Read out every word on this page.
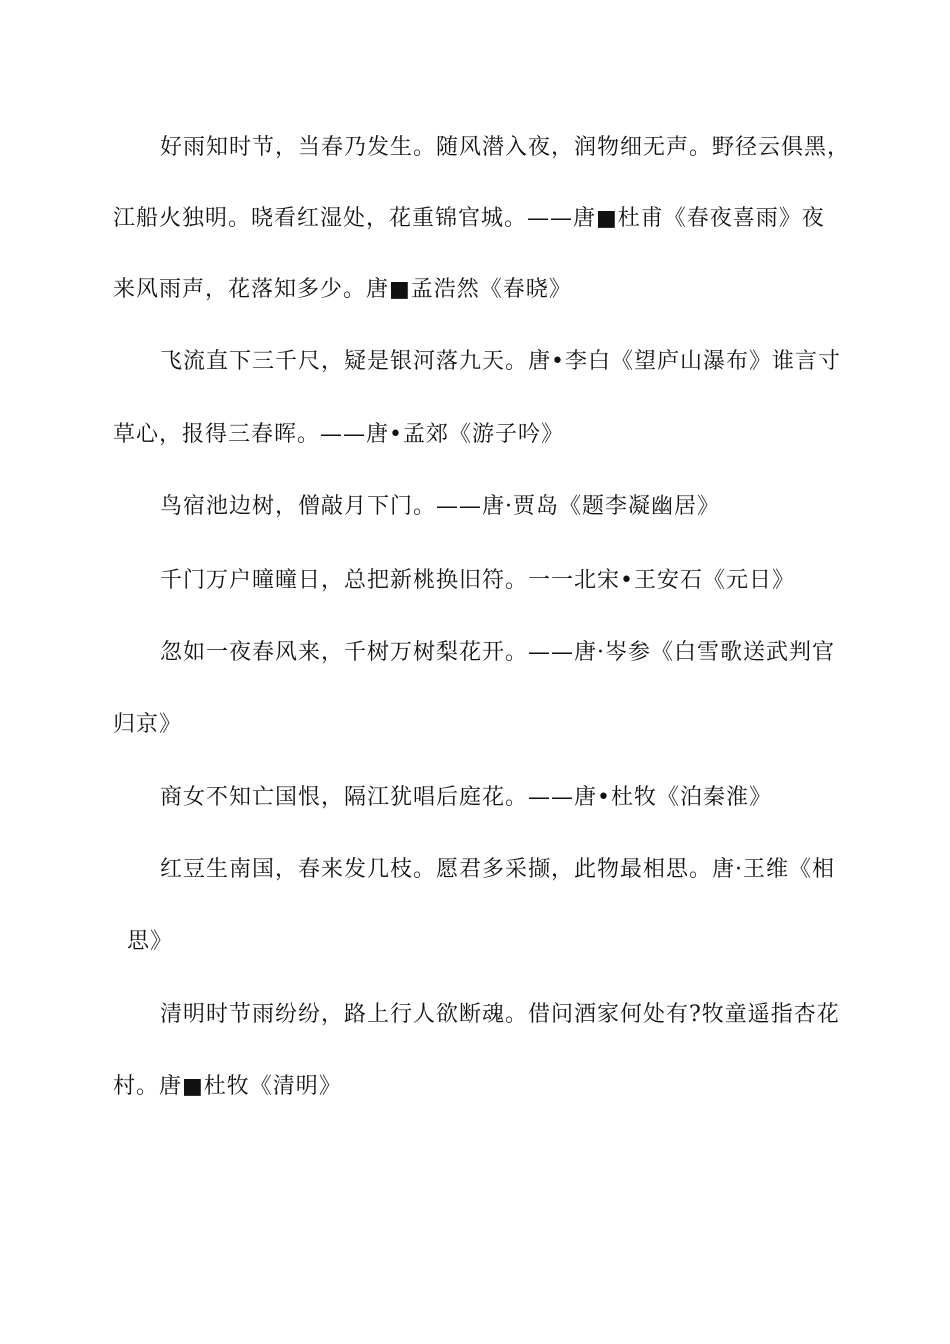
好雨知时节，当春乃发生。随风潜入夜，润物细无声。野径云俱黑，
江船火独明。晓看红湿处，花重锦官城。——唐■杜甫《春夜喜雨》夜
来风雨声，花落知多少。唐■孟浩然《春晓》
飞流直下三千尺，疑是银河落九天。唐•李白《望庐山瀑布》谁言寸
草心，报得三春晖。——唐•孟郊《游子吟》
鸟宿池边树，僧敲月下门。——唐·贾岛《题李凝幽居》
千门万户曈曈日，总把新桃换旧符。一一北宋•王安石《元日》
忽如一夜春风来，千树万树梨花开。——唐·岑参《白雪歌送武判官
归京》
商女不知亡国恨，隔江犹唱后庭花。——唐•杜牧《泊秦淮》
红豆生南国，春来发几枝。愿君多采撷，此物最相思。唐·王维《相
思》
清明时节雨纷纷，路上行人欲断魂。借问酒家何处有?牧童遥指杏花
村。唐■杜牧《清明》
